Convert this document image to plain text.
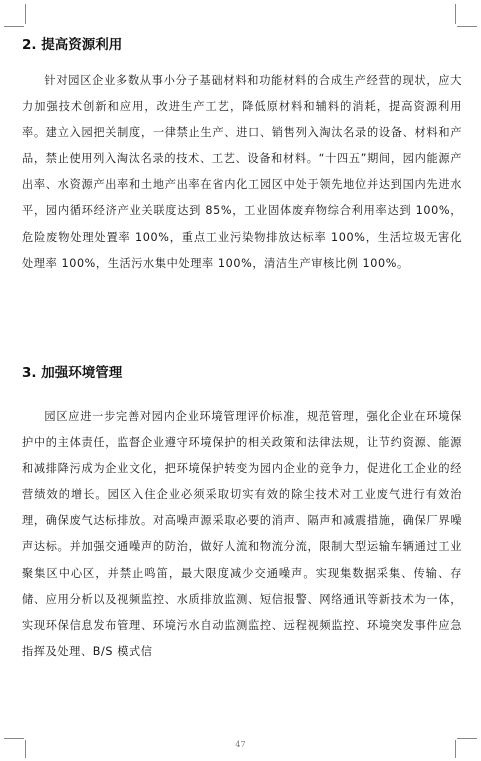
2. 提高资源利用

针对园区企业多数从事小分子基础材料和功能材料的合成生产经营的现状，应大力加强技术创新和应用，改进生产工艺，降低原材料和辅料的消耗，提高资源利用率。建立入园把关制度，一律禁止生产、进口、销售列入淘汰名录的设备、材料和产品，禁止使用列入淘汰名录的技术、工艺、设备和材料。“十四五”期间，园内能源产出率、水资源产出率和土地产出率在省内化工园区中处于领先地位并达到国内先进水平，园内循环经济产业关联度达到 85%，工业固体废弃物综合利用率达到 100%，危险废物处理处置率 100%，重点工业污染物排放达标率 100%，生活垃圾无害化处理率 100%，生活污水集中处理率 100%，清洁生产审核比例 100%。

3. 加强环境管理

园区应进一步完善对园内企业环境管理评价标准，规范管理，强化企业在环境保护中的主体责任，监督企业遵守环境保护的相关政策和法律法规，让节约资源、能源和减排降污成为企业文化，把环境保护转变为园内企业的竞争力，促进化工企业的经营绩效的增长。园区入住企业必须采取切实有效的除尘技术对工业废气进行有效治理，确保废气达标排放。对高噪声源采取必要的消声、隔声和减震措施，确保厂界噪声达标。并加强交通噪声的防治，做好人流和物流分流，限制大型运输车辆通过工业聚集区中心区，并禁止鸣笛，最大限度减少交通噪声。实现集数据采集、传输、存储、应用分析以及视频监控、水质排放监测、短信报警、网络通讯等新技术为一体，实现环保信息发布管理、环境污水自动监测监控、远程视频监控、环境突发事件应急指挥及处理、B/S 模式信

47
